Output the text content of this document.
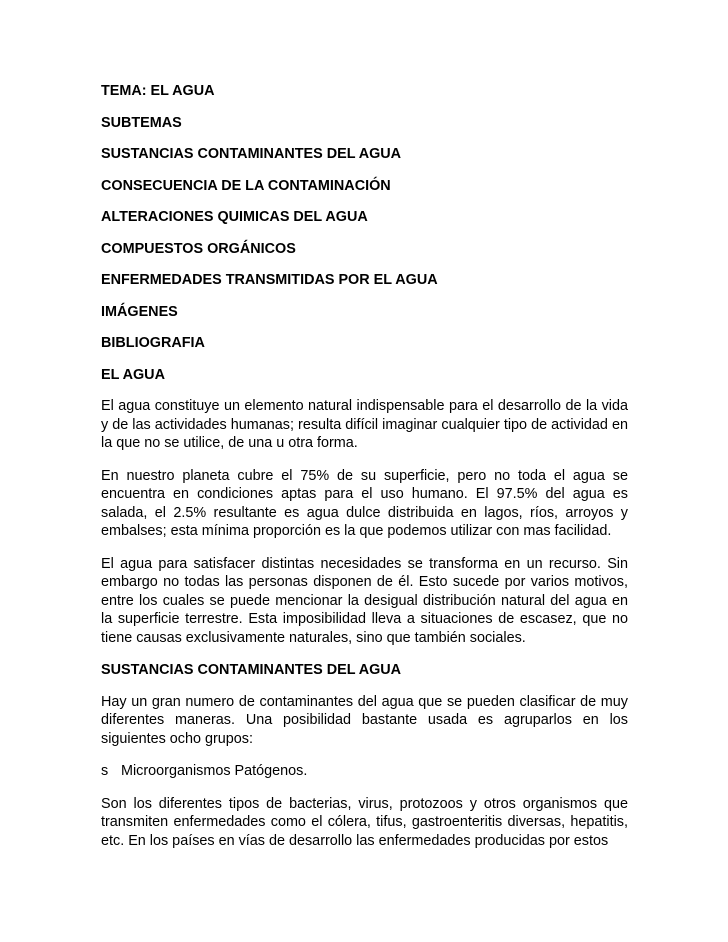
TEMA: EL AGUA
SUBTEMAS
SUSTANCIAS CONTAMINANTES DEL AGUA
CONSECUENCIA DE LA CONTAMINACIÓN
ALTERACIONES QUIMICAS DEL AGUA
COMPUESTOS ORGÁNICOS
ENFERMEDADES TRANSMITIDAS POR EL AGUA
IMÁGENES
BIBLIOGRAFIA
EL AGUA
El agua constituye un elemento natural indispensable para el desarrollo de la vida y de las actividades humanas; resulta difícil imaginar cualquier tipo de actividad en la que no se utilice, de una u otra forma.
En nuestro planeta cubre el 75% de su superficie, pero no toda el agua se encuentra en condiciones aptas para el uso humano. El 97.5% del agua es salada, el 2.5% resultante es agua dulce distribuida en lagos, ríos, arroyos y embalses; esta mínima proporción es la que podemos utilizar con mas facilidad.
El agua para satisfacer distintas necesidades se transforma en un recurso. Sin embargo no todas las personas disponen de él. Esto sucede por varios motivos, entre los cuales se puede mencionar la desigual distribución natural del agua en la superficie terrestre. Esta imposibilidad lleva a situaciones de escasez, que no tiene causas exclusivamente naturales, sino que también sociales.
SUSTANCIAS CONTAMINANTES DEL AGUA
Hay un gran numero de contaminantes del agua que se pueden clasificar de muy diferentes maneras. Una posibilidad bastante usada es agruparlos en los siguientes ocho grupos:
s Microorganismos Patógenos.
Son los diferentes tipos de bacterias, virus, protozoos y otros organismos que transmiten enfermedades como el cólera, tifus, gastroenteritis diversas, hepatitis, etc. En los países en vías de desarrollo las enfermedades producidas por estos
